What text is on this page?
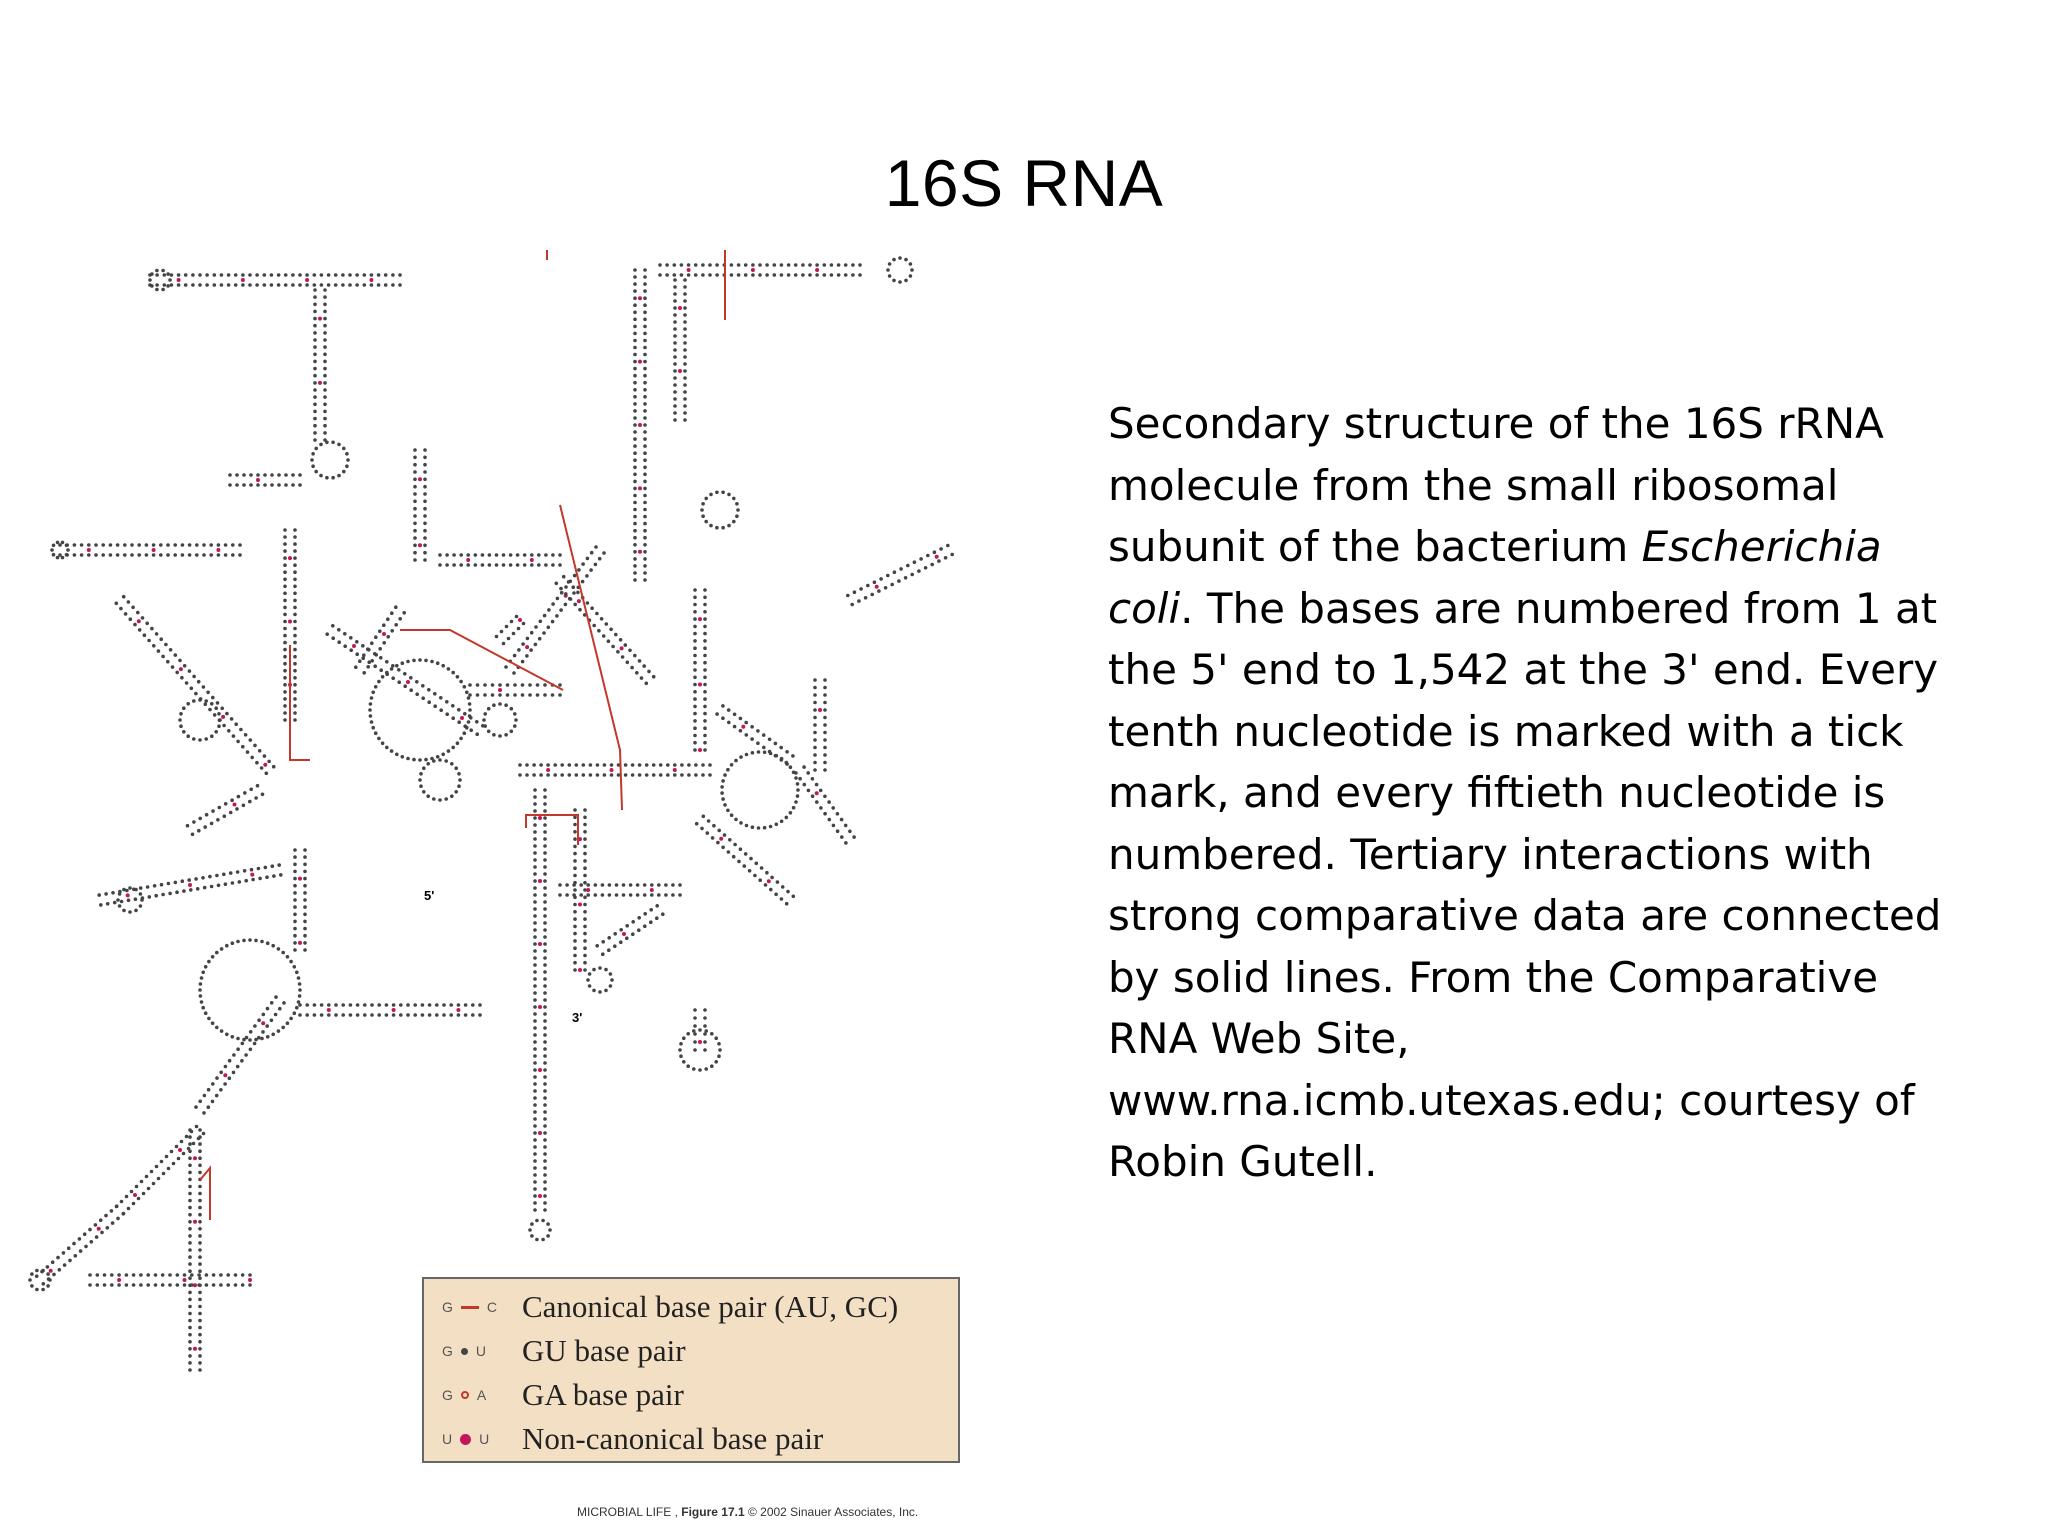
16S RNA
5'
3'
G C Canonical base pair (AU, GC)
G U GU base pair
G A GA base pair
U U Non-canonical base pair
MICROBIAL LIFE , Figure 17.1 © 2002 Sinauer Associates, Inc.

Secondary structure of the 16S rRNA molecule from the small ribosomal subunit of the bacterium Escherichia coli. The bases are numbered from 1 at the 5' end to 1,542 at the 3' end. Every tenth nucleotide is marked with a tick mark, and every fiftieth nucleotide is numbered. Tertiary interactions with strong comparative data are connected by solid lines. From the Comparative RNA Web Site, www.rna.icmb.utexas.edu; courtesy of Robin Gutell.
